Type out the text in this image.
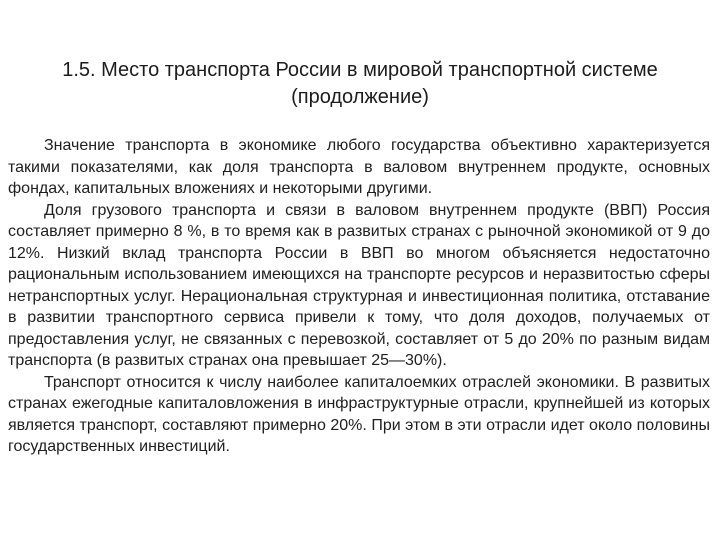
1.5. Место транспорта России в мировой транспортной системе
(продолжение)

Значение транспорта в экономике любого государства объективно характеризуется такими показателями, как доля транспорта в валовом внутреннем продукте, основных фондах, капитальных вложениях и некоторыми другими.

Доля грузового транспорта и связи в валовом внутреннем продукте (ВВП) Россия составляет примерно 8 %, в то время как в развитых странах с рыночной экономикой от 9 до 12%. Низкий вклад транспорта России в ВВП во многом объясняется недостаточно рациональным использованием имеющихся на транспорте ресурсов и неразвитостью сферы нетранспортных услуг. Нерациональная структурная и инвестиционная политика, отставание в развитии транспортного сервиса привели к тому, что доля доходов, получаемых от предоставления услуг, не связанных с перевозкой, составляет от 5 до 20% по разным видам транспорта (в развитых странах она превышает 25—30%).

Транспорт относится к числу наиболее капиталоемких отраслей экономики. В развитых странах ежегодные капиталовложения в инфраструктурные отрасли, крупнейшей из которых является транспорт, составляют примерно 20%. При этом в эти отрасли идет около половины государственных инвестиций.
